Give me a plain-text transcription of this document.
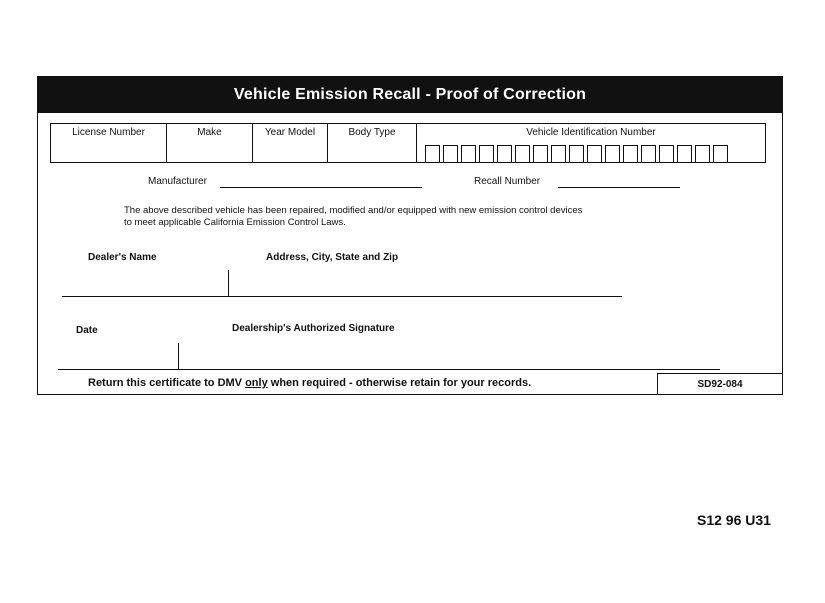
Vehicle Emission Recall - Proof of Correction
License Number	Make	Year Model	Body Type	Vehicle Identification Number
Manufacturer	Recall Number
The above described vehicle has been repaired, modified and/or equipped with new emission control devices
to meet applicable California Emission Control Laws.
Dealer's Name	Address, City, State and Zip
Date	Dealership's Authorized Signature
Return this certificate to DMV only when required - otherwise retain for your records.	SD92-084
S12 96 U31
